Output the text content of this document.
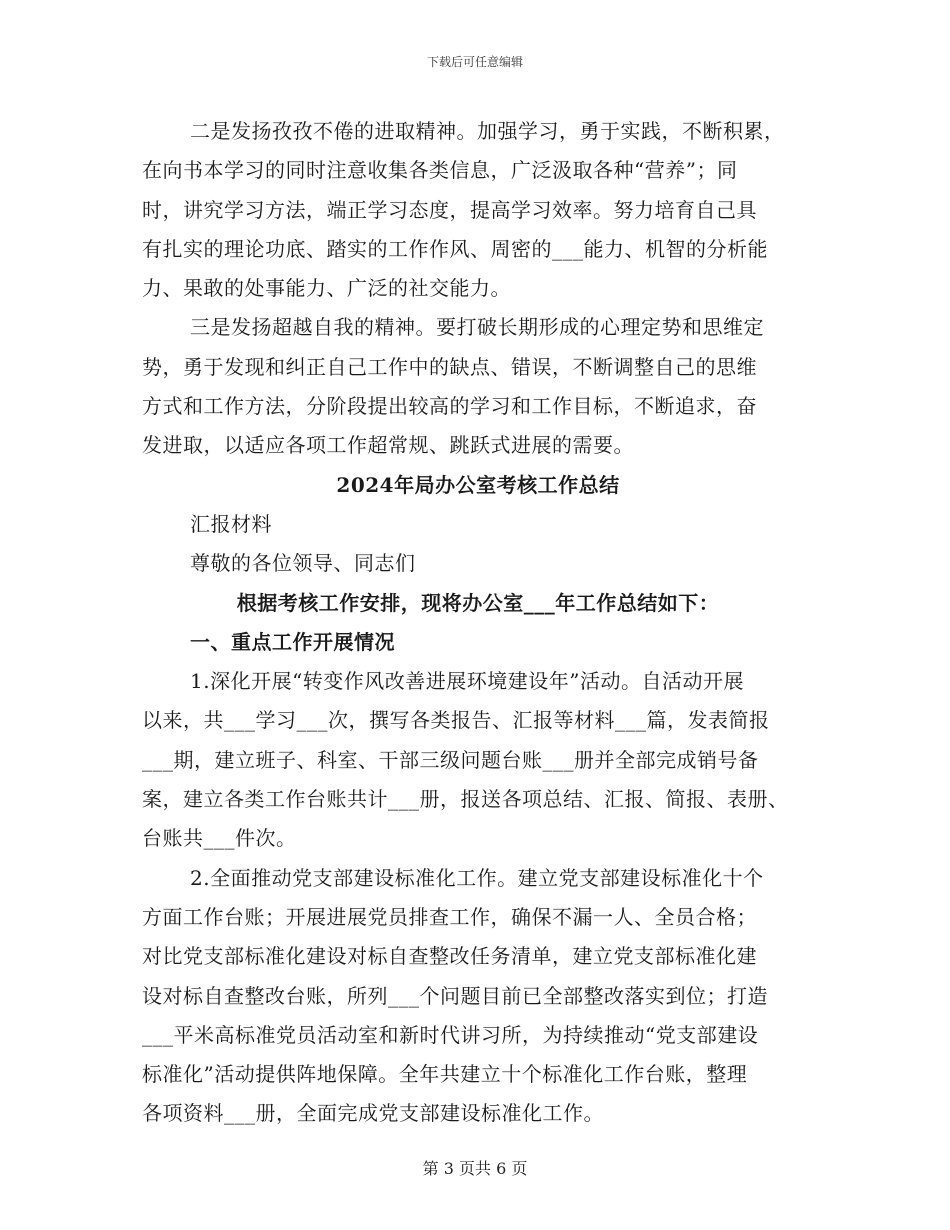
下载后可任意编辑
二是发扬孜孜不倦的进取精神。加强学习，勇于实践，不断积累，
在向书本学习的同时注意收集各类信息，广泛汲取各种“营养”；同
时，讲究学习方法，端正学习态度，提高学习效率。努力培育自己具
有扎实的理论功底、踏实的工作作风、周密的___能力、机智的分析能
力、果敢的处事能力、广泛的社交能力。
三是发扬超越自我的精神。要打破长期形成的心理定势和思维定
势，勇于发现和纠正自己工作中的缺点、错误，不断调整自己的思维
方式和工作方法，分阶段提出较高的学习和工作目标，不断追求，奋
发进取，以适应各项工作超常规、跳跃式进展的需要。
2024年局办公室考核工作总结
汇报材料
尊敬的各位领导、同志们
根据考核工作安排，现将办公室___年工作总结如下：
一、重点工作开展情况
1.深化开展“转变作风改善进展环境建设年”活动。自活动开展
以来，共___学习___次，撰写各类报告、汇报等材料___篇，发表简报
___期，建立班子、科室、干部三级问题台账___册并全部完成销号备
案，建立各类工作台账共计___册，报送各项总结、汇报、简报、表册、
台账共___件次。
2.全面推动党支部建设标准化工作。建立党支部建设标准化十个
方面工作台账；开展进展党员排查工作，确保不漏一人、全员合格；
对比党支部标准化建设对标自查整改任务清单，建立党支部标准化建
设对标自查整改台账，所列___个问题目前已全部整改落实到位；打造
___平米高标准党员活动室和新时代讲习所，为持续推动“党支部建设
标准化”活动提供阵地保障。全年共建立十个标准化工作台账，整理
各项资料___册，全面完成党支部建设标准化工作。
第 3 页共 6 页
